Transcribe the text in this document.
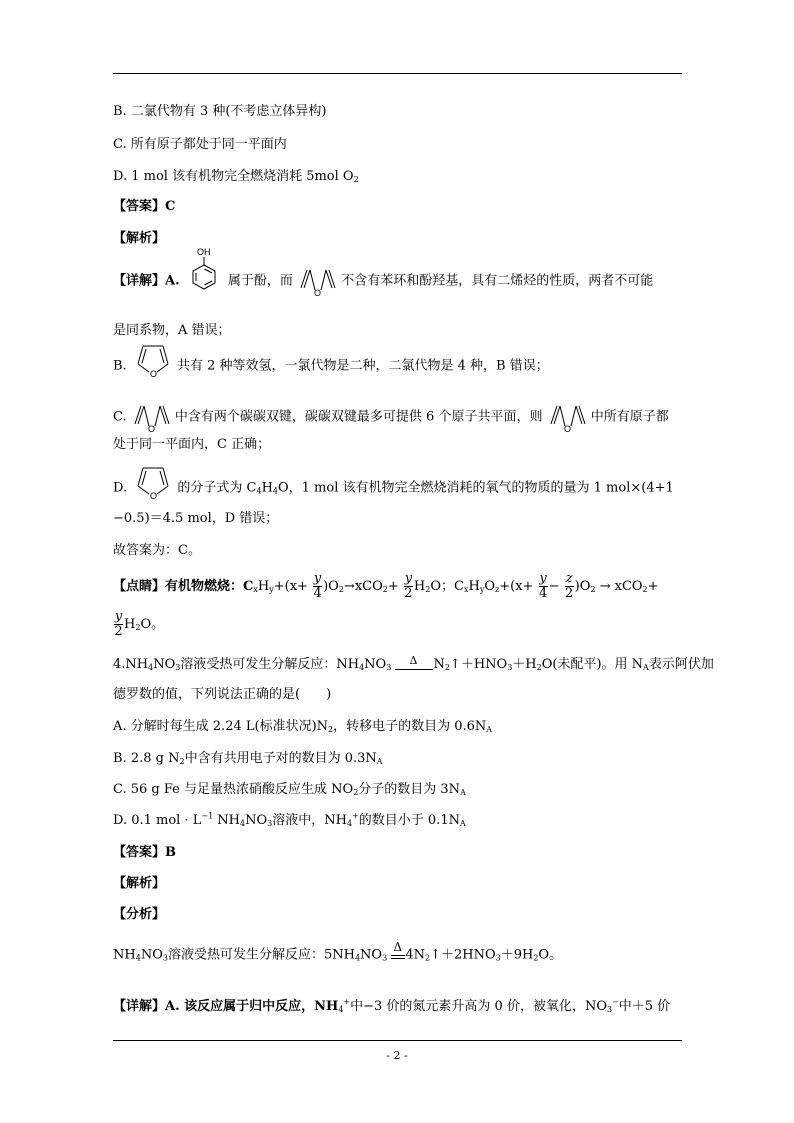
B. 二氯代物有 3 种(不考虑立体异构)
C. 所有原子都处于同一平面内
D. 1 mol 该有机物完全燃烧消耗 5mol $O_2$
【答案】C
【解析】
【详解】A.
OH
属于酚，而
O
不含有苯环和酚羟基，具有二烯烃的性质，两者不可能
是同系物，A 错误；
B.
O
共有 2 种等效氢，一氯代物是二种，二氯代物是 4 种，B 错误；
C.
O
中含有两个碳碳双键，碳碳双键最多可提供 6 个原子共平面，则
O
中所有原子都
处于同一平面内，C 正确；
D.
O
的分子式为 $C_4H_4O$，1 mol 该有机物完全燃烧消耗的氧气的物质的量为 1 mol×(4+1
−0.5)＝4.5 mol，D 错误；
故答案为：C。
【点睛】有机物燃烧：$C_xH_y+(x+ \frac{y}{4} )O_2\to xCO_2+ \frac{y}{2} H_2O$；$C_xH_yO_z+(x+ \frac{y}{4} - \frac{z}{2} )O_2 \to xCO_2+$
$\frac{y}{2} H_2O$。
$4.NH_4NO_3$溶液受热可发生分解反应：$NH_4NO_3$
Δ $N_2↑+HNO_3+H_2O$(未配平)。用 $N_A$表示阿伏加
德罗数的值，下列说法正确的是(　　)
A. 分解时每生成 2.24 L(标准状况)$N_2$，转移电子的数目为 $0.6N_A$
B. 2.8 g $N_2$中含有共用电子对的数目为 $0.3N_A$
C. 56 g Fe 与足量热浓硝酸反应生成 $NO_2$分子的数目为 $3N_A$
D. 0.1 mol · $L^{-1}$ $NH_4NO_3$溶液中，$NH_4^+$的数目小于 $0.1N_A$
【答案】B
【解析】
【分析】
$NH_4NO_3$溶液受热可发生分解反应：$5NH_4NO_3$
Δ
$4N_2↑+2HNO_3+9H_2O$。
【详解】A. 该反应属于归中反应，$NH_4^+$中−3 价的氮元素升高为 0 价，被氧化，$NO_3^-$中＋5 价
- 2 -
